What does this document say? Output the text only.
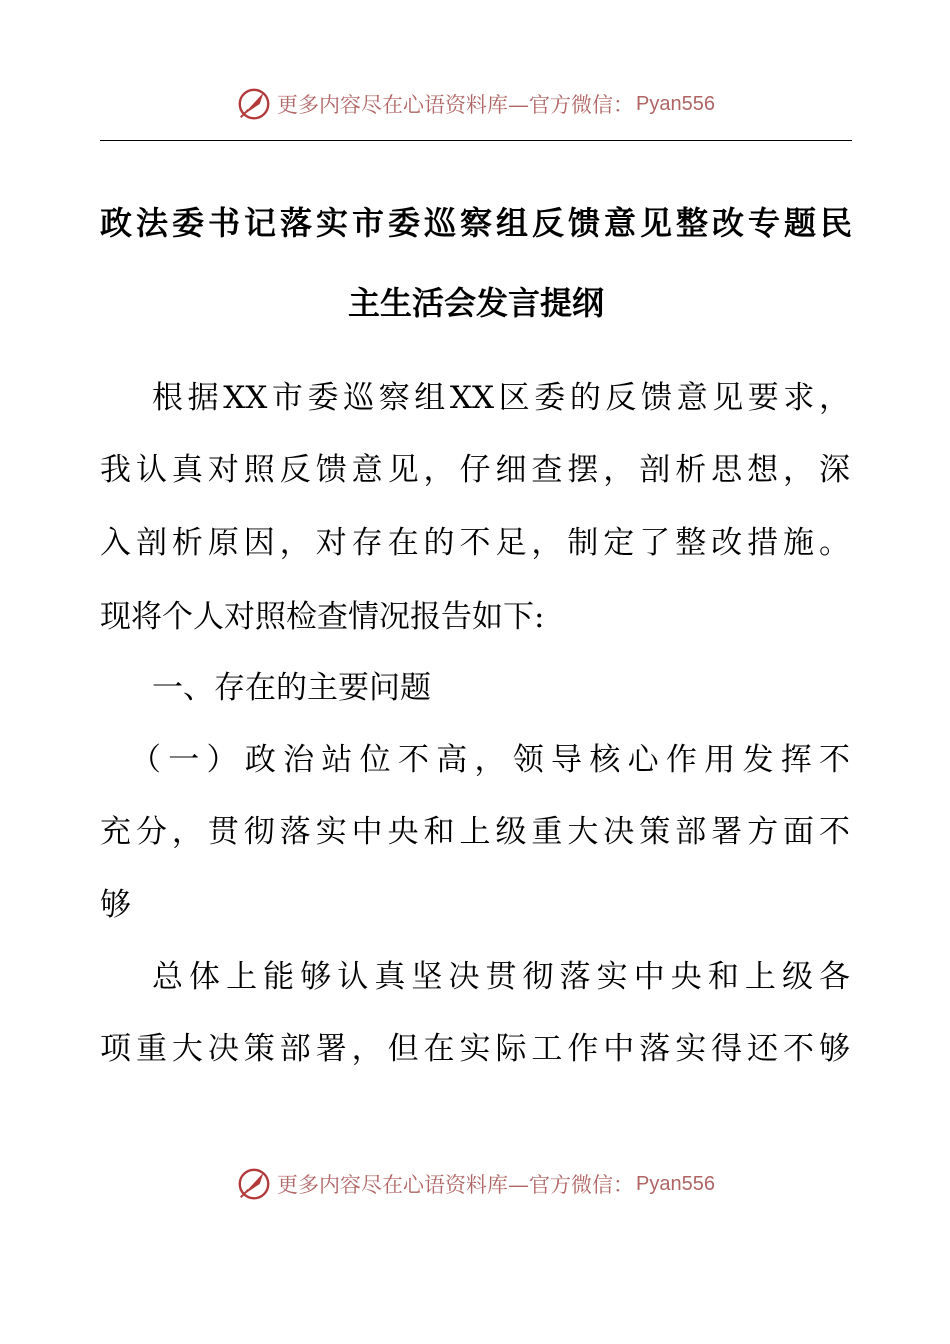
更多内容尽在心语资料库 —官方微信： Pyan556
政法委书记落实市委巡察组反馈意见整改专题民
主生活会发言提纲
根据XX市委巡察组XX区委的反馈意见要求，
我认真对照反馈意见，仔细查摆，剖析思想，深
入剖析原因，对存在的不足，制定了整改措施。
现将个人对照检查情况报告如下:
一、存在的主要问题
（一）政治站位不高，领导核心作用发挥不
充分，贯彻落实中央和上级重大决策部署方面不
够
总体上能够认真坚决贯彻落实中央和上级各
项重大决策部署，但在实际工作中落实得还不够
更多内容尽在心语资料库 —官方微信： Pyan556
